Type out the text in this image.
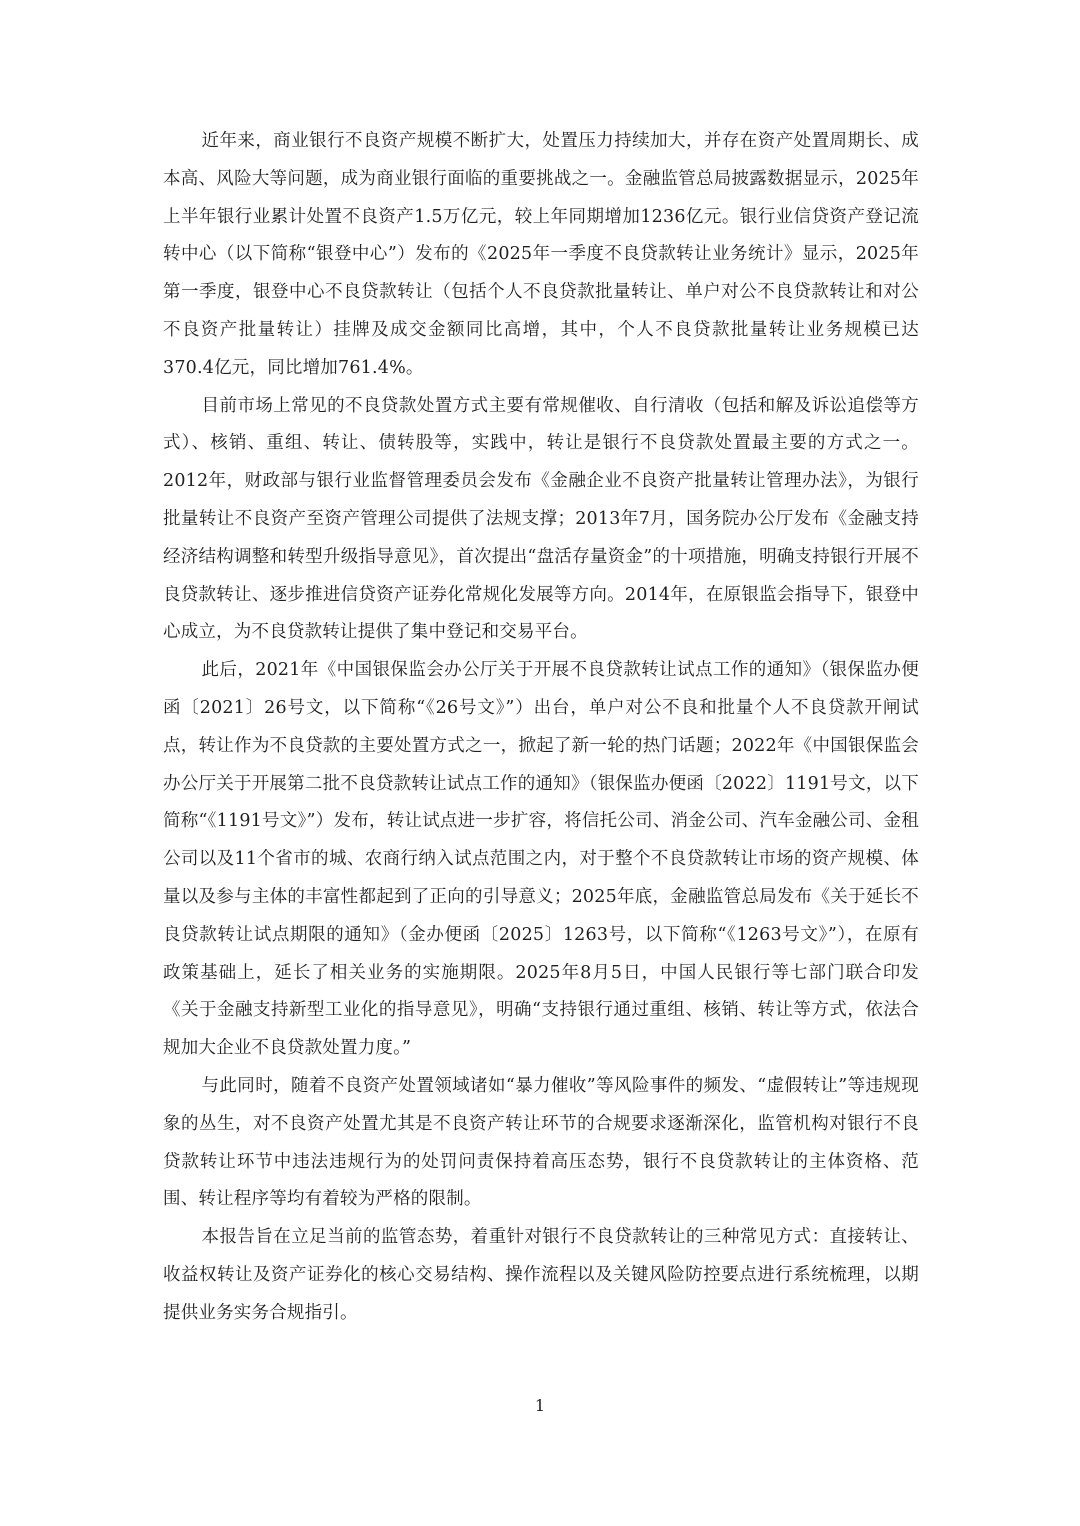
近年来，商业银行不良资产规模不断扩大，处置压力持续加大，并存在资产处置周期长、成本高、风险大等问题，成为商业银行面临的重要挑战之一。金融监管总局披露数据显示，2025年上半年银行业累计处置不良资产1.5万亿元，较上年同期增加1236亿元。银行业信贷资产登记流转中心（以下简称“银登中心”）发布的《2025年一季度不良贷款转让业务统计》显示，2025年第一季度，银登中心不良贷款转让（包括个人不良贷款批量转让、单户对公不良贷款转让和对公不良资产批量转让）挂牌及成交金额同比高增，其中，个人不良贷款批量转让业务规模已达370.4亿元，同比增加761.4%。

目前市场上常见的不良贷款处置方式主要有常规催收、自行清收（包括和解及诉讼追偿等方式）、核销、重组、转让、债转股等，实践中，转让是银行不良贷款处置最主要的方式之一。2012年，财政部与银行业监督管理委员会发布《金融企业不良资产批量转让管理办法》，为银行批量转让不良资产至资产管理公司提供了法规支撑；2013年7月，国务院办公厅发布《金融支持经济结构调整和转型升级指导意见》，首次提出“盘活存量资金”的十项措施，明确支持银行开展不良贷款转让、逐步推进信贷资产证券化常规化发展等方向。2014年，在原银监会指导下，银登中心成立，为不良贷款转让提供了集中登记和交易平台。

此后，2021年《中国银保监会办公厅关于开展不良贷款转让试点工作的通知》（银保监办便函〔2021〕26号文，以下简称“《26号文》”）出台，单户对公不良和批量个人不良贷款开闸试点，转让作为不良贷款的主要处置方式之一，掀起了新一轮的热门话题；2022年《中国银保监会办公厅关于开展第二批不良贷款转让试点工作的通知》（银保监办便函〔2022〕1191号文，以下简称“《1191号文》”）发布，转让试点进一步扩容，将信托公司、消金公司、汽车金融公司、金租公司以及11个省市的城、农商行纳入试点范围之内，对于整个不良贷款转让市场的资产规模、体量以及参与主体的丰富性都起到了正向的引导意义；2025年底，金融监管总局发布《关于延长不良贷款转让试点期限的通知》（金办便函〔2025〕1263号，以下简称“《1263号文》”），在原有政策基础上，延长了相关业务的实施期限。2025年8月5日，中国人民银行等七部门联合印发《关于金融支持新型工业化的指导意见》，明确“支持银行通过重组、核销、转让等方式，依法合规加大企业不良贷款处置力度。”

与此同时，随着不良资产处置领域诸如“暴力催收”等风险事件的频发、“虚假转让”等违规现象的丛生，对不良资产处置尤其是不良资产转让环节的合规要求逐渐深化，监管机构对银行不良贷款转让环节中违法违规行为的处罚问责保持着高压态势，银行不良贷款转让的主体资格、范围、转让程序等均有着较为严格的限制。

本报告旨在立足当前的监管态势，着重针对银行不良贷款转让的三种常见方式：直接转让、收益权转让及资产证券化的核心交易结构、操作流程以及关键风险防控要点进行系统梳理，以期提供业务实务合规指引。

1
